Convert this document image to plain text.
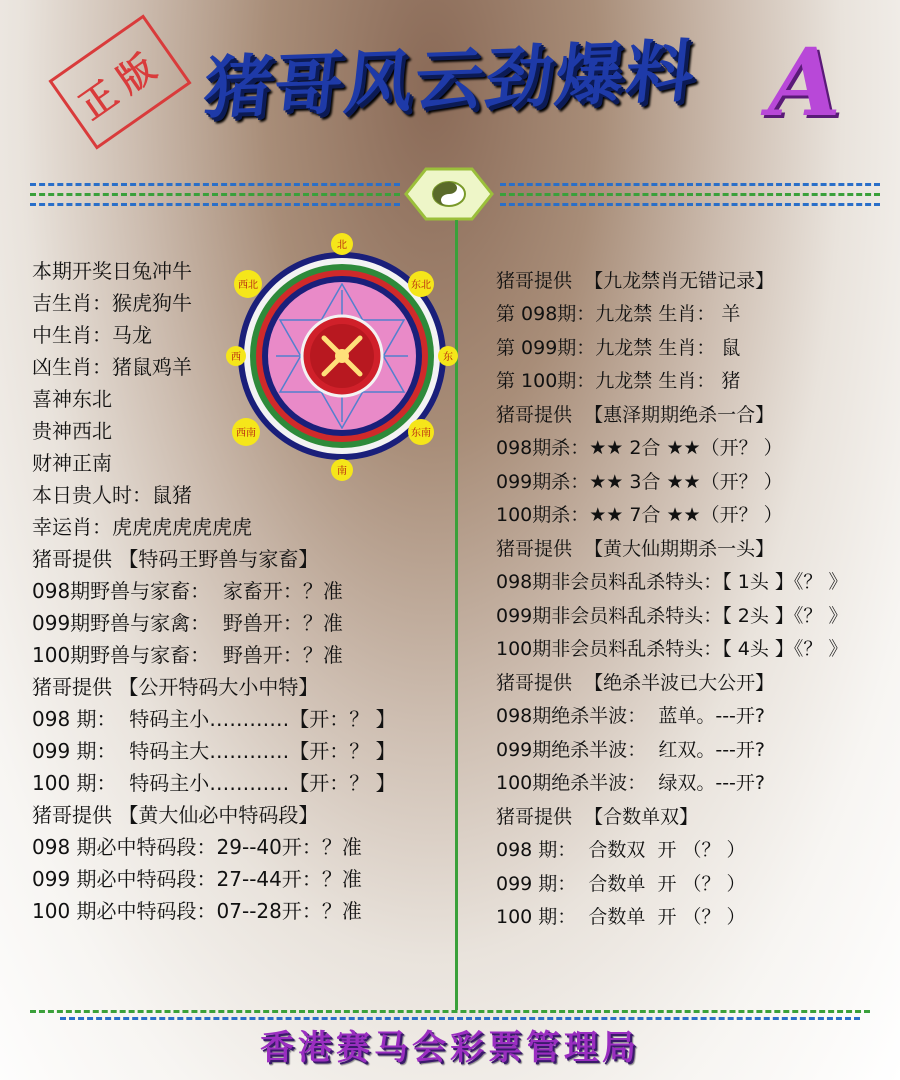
正版 猪哥风云劲爆料 A
北
东北
东
东南
南
西南
西
西北
本期开奖日兔冲牛
吉生肖：猴虎狗牛
中生肖：马龙
凶生肖：猪鼠鸡羊
喜神东北
贵神西北
财神正南
本日贵人时：鼠猪
幸运肖：虎虎虎虎虎虎虎
猪哥提供 【特码王野兽与家畜】
098期野兽与家畜：  家畜开：？准
099期野兽与家禽：  野兽开：？准
100期野兽与家畜：  野兽开：？准
猪哥提供 【公开特码大小中特】
098 期：  特码主小…………【开：？ 】
099 期：  特码主大…………【开：？ 】
100 期：  特码主小…………【开：？ 】
猪哥提供 【黄大仙必中特码段】
098 期必中特码段：29--40开：？准
099 期必中特码段：27--44开：？准
100 期必中特码段：07--28开：？准
猪哥提供  【九龙禁肖无错记录】
第 098期：九龙禁 生肖： 羊
第 099期：九龙禁 生肖： 鼠
第 100期：九龙禁 生肖： 猪
猪哥提供  【惠泽期期绝杀一合】
098期杀：★★ 2合 ★★（开？ ）
099期杀：★★ 3合 ★★（开？ ）
100期杀：★★ 7合 ★★（开？ ）
猪哥提供  【黄大仙期期杀一头】
098期非会员料乱杀特头：【 1头 】《？ 》
099期非会员料乱杀特头：【 2头 】《？ 》
100期非会员料乱杀特头：【 4头 】《？ 》
猪哥提供  【绝杀半波已大公开】
098期绝杀半波：  蓝单。---开?
099期绝杀半波：  红双。---开?
100期绝杀半波：  绿双。---开?
猪哥提供  【合数单双】
098 期：  合数双  开 （？ ）
099 期：  合数单  开 （？ ）
100 期：  合数单  开 （？ ）
香港赛马会彩票管理局
